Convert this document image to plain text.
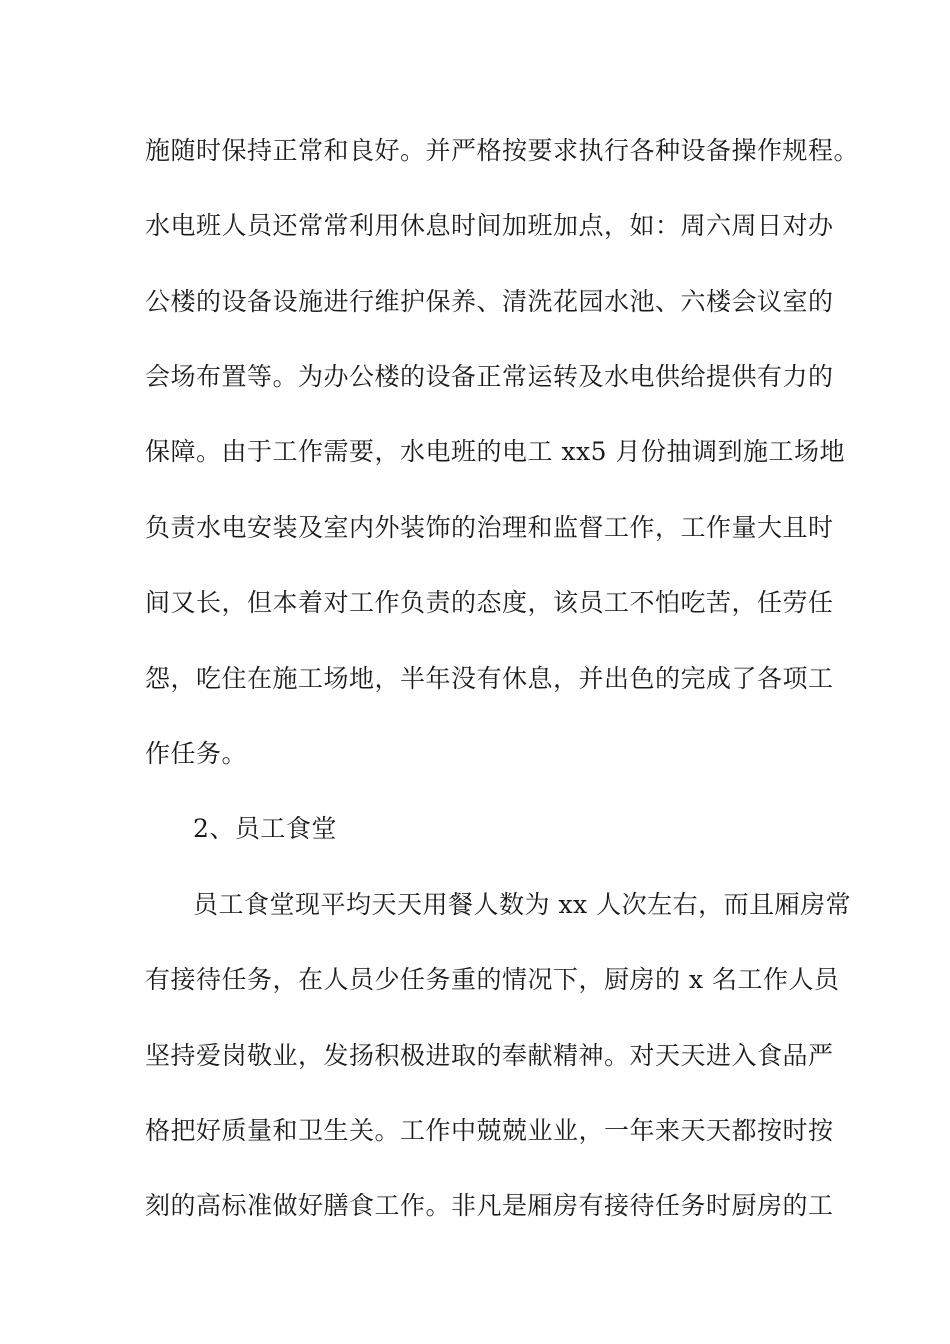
施随时保持正常和良好。并严格按要求执行各种设备操作规程。
水电班人员还常常利用休息时间加班加点，如：周六周日对办
公楼的设备设施进行维护保养、清洗花园水池、六楼会议室的
会场布置等。为办公楼的设备正常运转及水电供给提供有力的
保障。由于工作需要，水电班的电工 xx5 月份抽调到施工场地
负责水电安装及室内外装饰的治理和监督工作，工作量大且时
间又长，但本着对工作负责的态度，该员工不怕吃苦，任劳任
怨，吃住在施工场地，半年没有休息，并出色的完成了各项工
作任务。
2、员工食堂
员工食堂现平均天天用餐人数为 xx 人次左右，而且厢房常
有接待任务，在人员少任务重的情况下，厨房的 x 名工作人员
坚持爱岗敬业，发扬积极进取的奉献精神。对天天进入食品严
格把好质量和卫生关。工作中兢兢业业，一年来天天都按时按
刻的高标准做好膳食工作。非凡是厢房有接待任务时厨房的工
